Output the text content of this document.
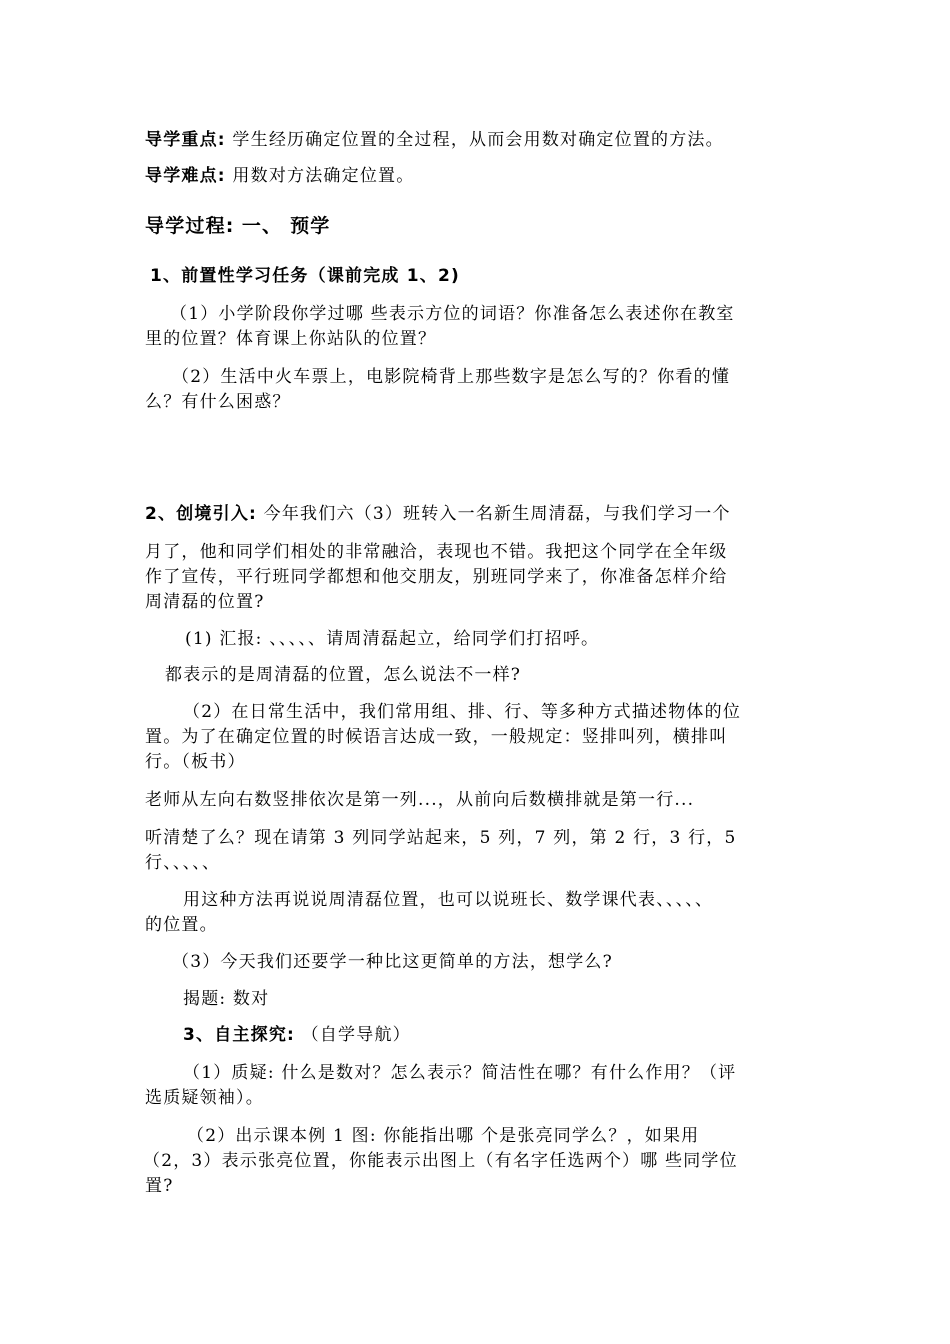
导学重点: 学生经历确定位置的全过程，从而会用数对确定位置的方法。
导学难点: 用数对方法确定位置。
导学过程: 一、 预学
1、前置性学习任务（课前完成 1、2)
（1）小学阶段你学过哪 些表示方位的词语？你准备怎么表述你在教室
里的位置？体育课上你站队的位置？
（2）生活中火车票上，电影院椅背上那些数字是怎么写的？你看的懂
么？有什么困惑？
2、创境引入: 今年我们六（3）班转入一名新生周清磊，与我们学习一个
月了，他和同学们相处的非常融洽，表现也不错。我把这个同学在全年级
作了宣传，平行班同学都想和他交朋友，别班同学来了，你准备怎样介给
周清磊的位置?
(1) 汇报: 、、、、、请周清磊起立，给同学们打招呼。
都表示的是周清磊的位置，怎么说法不一样?
（2）在日常生活中，我们常用组、排、行、等多种方式描述物体的位
置。为了在确定位置的时候语言达成一致，一般规定：竖排叫列，横排叫
行。（板书）
老师从左向右数竖排依次是第一列...，从前向后数横排就是第一行...
听清楚了么？现在请第 3 列同学站起来，5 列，7 列，第 2 行，3 行，5
行、、、、、
用这种方法再说说周清磊位置，也可以说班长、数学课代表、、、、、
的位置。
（3）今天我们还要学一种比这更简单的方法，想学么?
揭题: 数对
3、自主探究: （自学导航）
（1）质疑: 什么是数对？怎么表示？简洁性在哪？有什么作用？（评
选质疑领袖）。
（2）出示课本例 1 图: 你能指出哪 个是张亮同学么？，如果用
（2，3）表示张亮位置，你能表示出图上（有名字任选两个）哪 些同学位
置?
